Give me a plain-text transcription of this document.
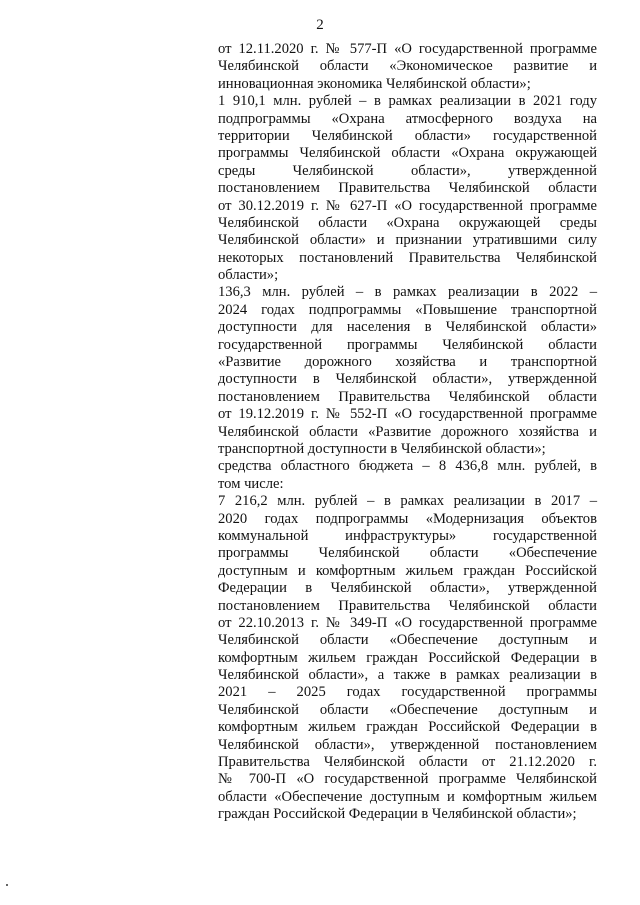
2
от 12.11.2020 г. № 577-П «О государственной программе
Челябинской области «Экономическое развитие и
инновационная экономика Челябинской области»;
1 910,1 млн. рублей – в рамках реализации в 2021 году
подпрограммы «Охрана атмосферного воздуха на
территории Челябинской области» государственной
программы Челябинской области «Охрана окружающей
среды Челябинской области», утвержденной
постановлением Правительства Челябинской области
от 30.12.2019 г. № 627-П «О государственной программе
Челябинской области «Охрана окружающей среды
Челябинской области» и признании утратившими силу
некоторых постановлений Правительства Челябинской
области»;
136,3 млн. рублей – в рамках реализации в 2022 –
2024 годах подпрограммы «Повышение транспортной
доступности для населения в Челябинской области»
государственной программы Челябинской области
«Развитие дорожного хозяйства и транспортной
доступности в Челябинской области», утвержденной
постановлением Правительства Челябинской области
от 19.12.2019 г. № 552-П «О государственной программе
Челябинской области «Развитие дорожного хозяйства и
транспортной доступности в Челябинской области»;
средства областного бюджета – 8 436,8 млн. рублей, в
том числе:
7 216,2 млн. рублей – в рамках реализации в 2017 –
2020 годах подпрограммы «Модернизация объектов
коммунальной инфраструктуры» государственной
программы Челябинской области «Обеспечение
доступным и комфортным жильем граждан Российской
Федерации в Челябинской области», утвержденной
постановлением Правительства Челябинской области
от 22.10.2013 г. № 349-П «О государственной программе
Челябинской области «Обеспечение доступным и
комфортным жильем граждан Российской Федерации в
Челябинской области», а также в рамках реализации в
2021 – 2025 годах государственной программы
Челябинской области «Обеспечение доступным и
комфортным жильем граждан Российской Федерации в
Челябинской области», утвержденной постановлением
Правительства Челябинской области от 21.12.2020 г.
№ 700-П «О государственной программе Челябинской
области «Обеспечение доступным и комфортным жильем
граждан Российской Федерации в Челябинской области»;
